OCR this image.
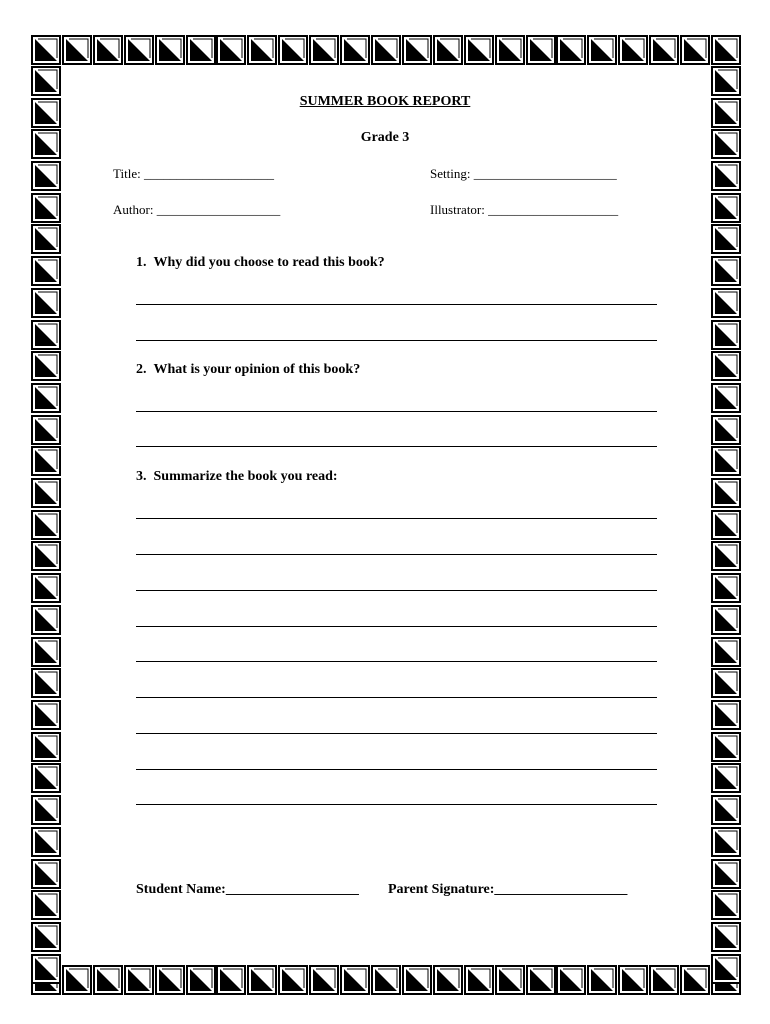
SUMMER BOOK REPORT
Grade 3
Title: ____________________	Setting: ______________________
Author: ___________________	Illustrator: ____________________
1. Why did you choose to read this book?
2. What is your opinion of this book?
3. Summarize the book you read:
Student Name:___________________ Parent Signature:___________________
